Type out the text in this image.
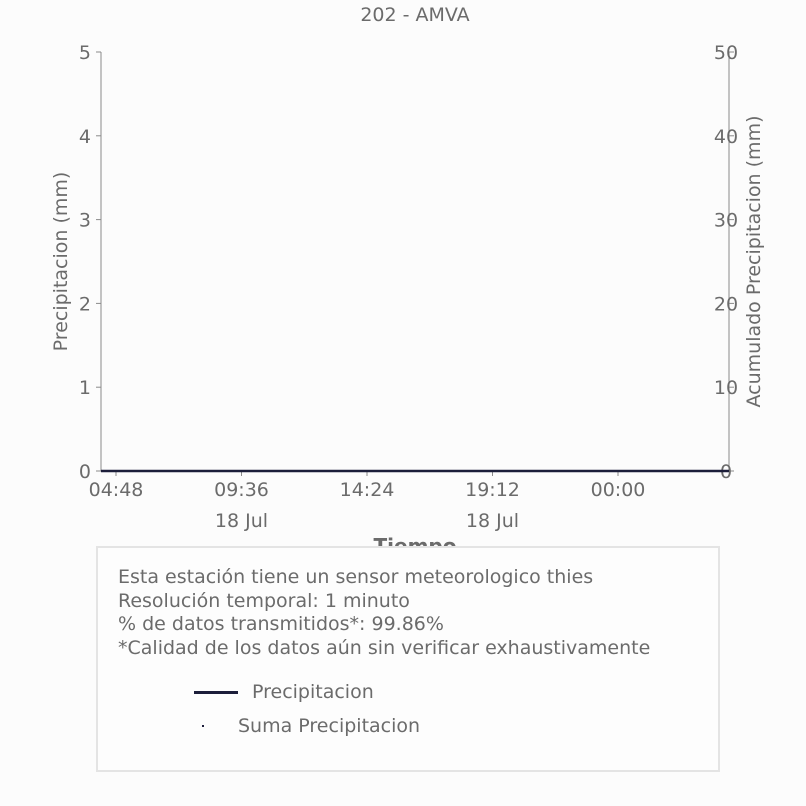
202 - AMVA
0
1
2
3
4
5
0
10
20
30
40
50
04:48	09:36
18 Jul
14:24	19:12
18 Jul
00:00
Precipitacion (mm)	Acumulado Precipitacion (mm)
Esta estación tiene un sensor meteorologico thies
Resolución temporal: 1 minuto
% de datos transmitidos*: 99.86%
*Calidad de los datos aún sin verificar exhaustivamente
Precipitacion
Suma Precipitacion
